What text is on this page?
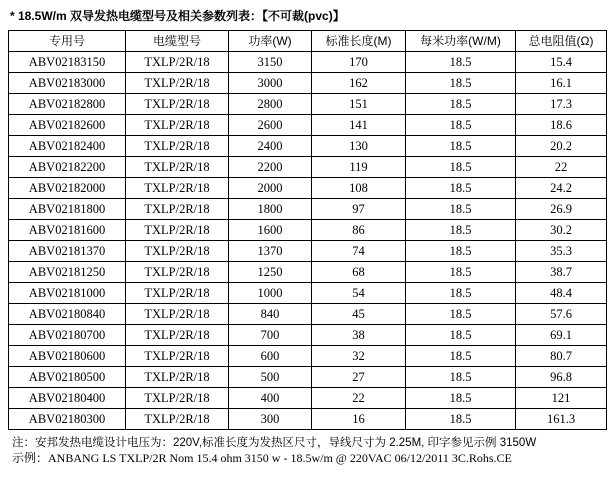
* 18.5W/m 双导发热电缆型号及相关参数列表：【不可裁(pvc)】
专用号	电缆型号	功率(W)	标准长度(M)	每米功率(W/M)	总电阻值(Ω)
ABV02183150	TXLP/2R/18	3150	170	18.5	15.4
ABV02183000	TXLP/2R/18	3000	162	18.5	16.1
ABV02182800	TXLP/2R/18	2800	151	18.5	17.3
ABV02182600	TXLP/2R/18	2600	141	18.5	18.6
ABV02182400	TXLP/2R/18	2400	130	18.5	20.2
ABV02182200	TXLP/2R/18	2200	119	18.5	22
ABV02182000	TXLP/2R/18	2000	108	18.5	24.2
ABV02181800	TXLP/2R/18	1800	97	18.5	26.9
ABV02181600	TXLP/2R/18	1600	86	18.5	30.2
ABV02181370	TXLP/2R/18	1370	74	18.5	35.3
ABV02181250	TXLP/2R/18	1250	68	18.5	38.7
ABV02181000	TXLP/2R/18	1000	54	18.5	48.4
ABV02180840	TXLP/2R/18	840	45	18.5	57.6
ABV02180700	TXLP/2R/18	700	38	18.5	69.1
ABV02180600	TXLP/2R/18	600	32	18.5	80.7
ABV02180500	TXLP/2R/18	500	27	18.5	96.8
ABV02180400	TXLP/2R/18	400	22	18.5	121
ABV02180300	TXLP/2R/18	300	16	18.5	161.3
注：安邦发热电缆设计电压为：220V,标准长度为发热区尺寸，导线尺寸为 2.25M, 印字参见示例 3150W
示例：ANBANG LS TXLP/2R Nom 15.4 ohm 3150 w - 18.5w/m @ 220VAC 06/12/2011 3C.Rohs.CE
